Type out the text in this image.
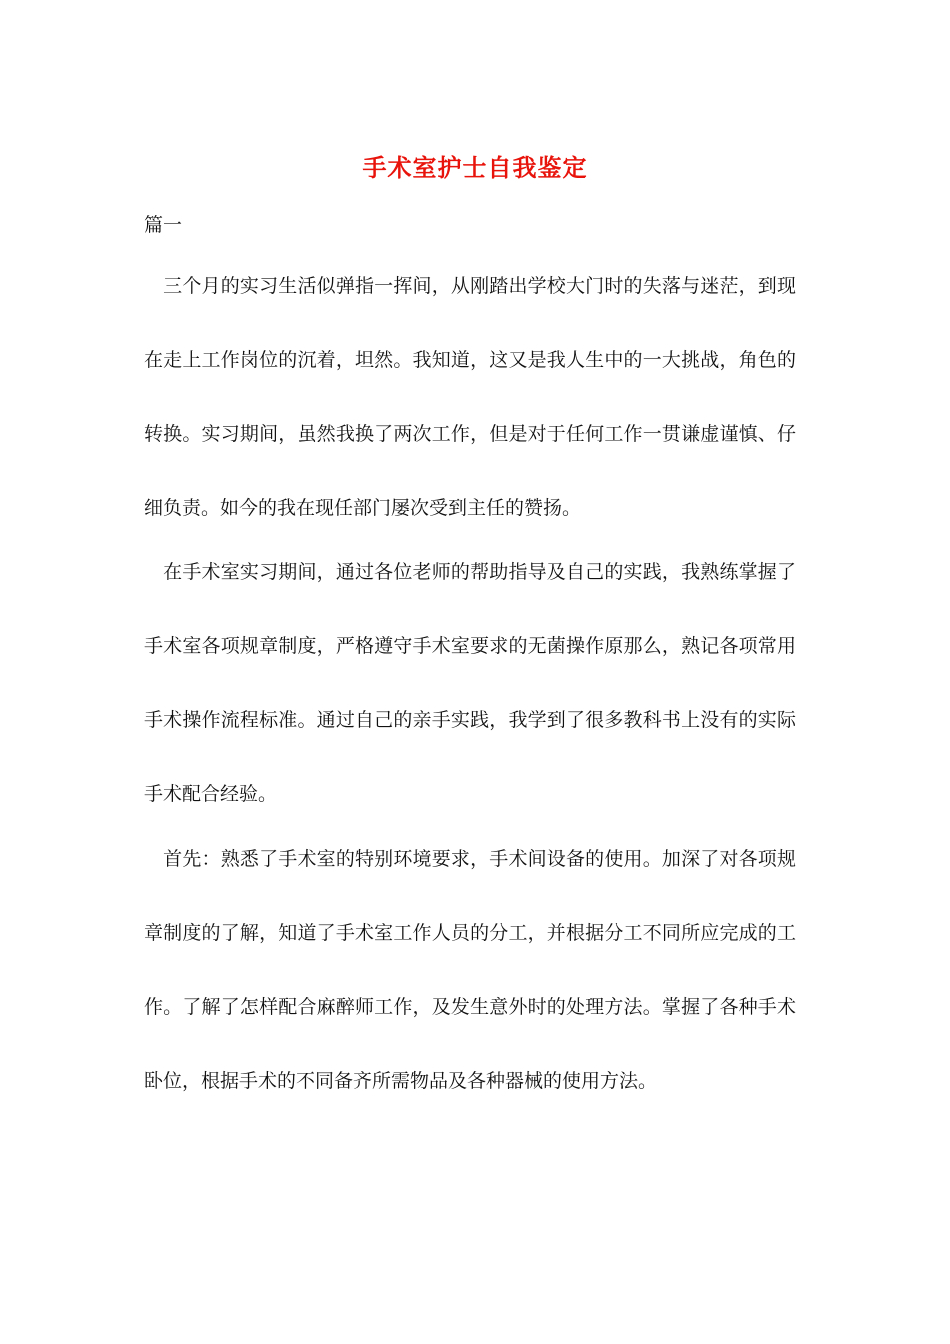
手术室护士自我鉴定
篇一

三个月的实习生活似弹指一挥间，从刚踏出学校大门时的失落与迷茫，到现在走上工作岗位的沉着，坦然。我知道，这又是我人生中的一大挑战，角色的转换。实习期间，虽然我换了两次工作，但是对于任何工作一贯谦虚谨慎、仔细负责。如今的我在现任部门屡次受到主任的赞扬。

在手术室实习期间，通过各位老师的帮助指导及自己的实践，我熟练掌握了手术室各项规章制度，严格遵守手术室要求的无菌操作原那么，熟记各项常用手术操作流程标准。通过自己的亲手实践，我学到了很多教科书上没有的实际手术配合经验。

首先：熟悉了手术室的特别环境要求，手术间设备的使用。加深了对各项规章制度的了解，知道了手术室工作人员的分工，并根据分工不同所应完成的工作。了解了怎样配合麻醉师工作，及发生意外时的处理方法。掌握了各种手术卧位，根据手术的不同备齐所需物品及各种器械的使用方法。
